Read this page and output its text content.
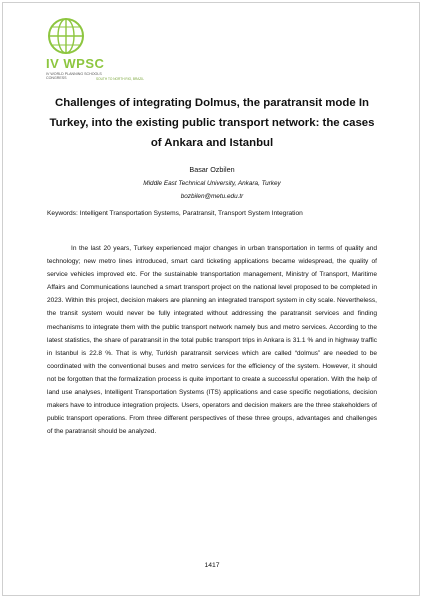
IV WPSC
IV WORLD PLANNING SCHOOLS CONGRESS	SOUTH TO NORTH RIO, BRAZIL
Challenges of integrating Dolmus, the paratransit mode In Turkey, into the existing public transport network: the cases of Ankara and Istanbul
Basar Ozbilen
Middle East Technical University, Ankara, Turkey
bozbilen@metu.edu.tr
Keywords: Intelligent Transportation Systems, Paratransit, Transport System Integration

In the last 20 years, Turkey experienced major changes in urban transportation in terms of quality and technology; new metro lines introduced, smart card ticketing applications became widespread, the quality of service vehicles improved etc. For the sustainable transportation management, Ministry of Transport, Maritime Affairs and Communications launched a smart transport project on the national level proposed to be completed in 2023. Within this project, decision makers are planning an integrated transport system in city scale. Nevertheless, the transit system would never be fully integrated without addressing the paratransit services and finding mechanisms to integrate them with the public transport network namely bus and metro services. According to the latest statistics, the share of paratransit in the total public transport trips in Ankara is 31.1 % and in highway traffic in Istanbul is 22.8 %. That is why, Turkish paratransit services which are called “dolmus” are needed to be coordinated with the conventional buses and metro services for the efficiency of the system. However, it should not be forgotten that the formalization process is quite important to create a successful operation. With the help of land use analyses, Intelligent Transportation Systems (ITS) applications and case specific negotiations, decision makers have to introduce integration projects. Users, operators and decision makers are the three stakeholders of public transport operations. From three different perspectives of these three groups, advantages and challenges of the paratransit should be analyzed.

1417
